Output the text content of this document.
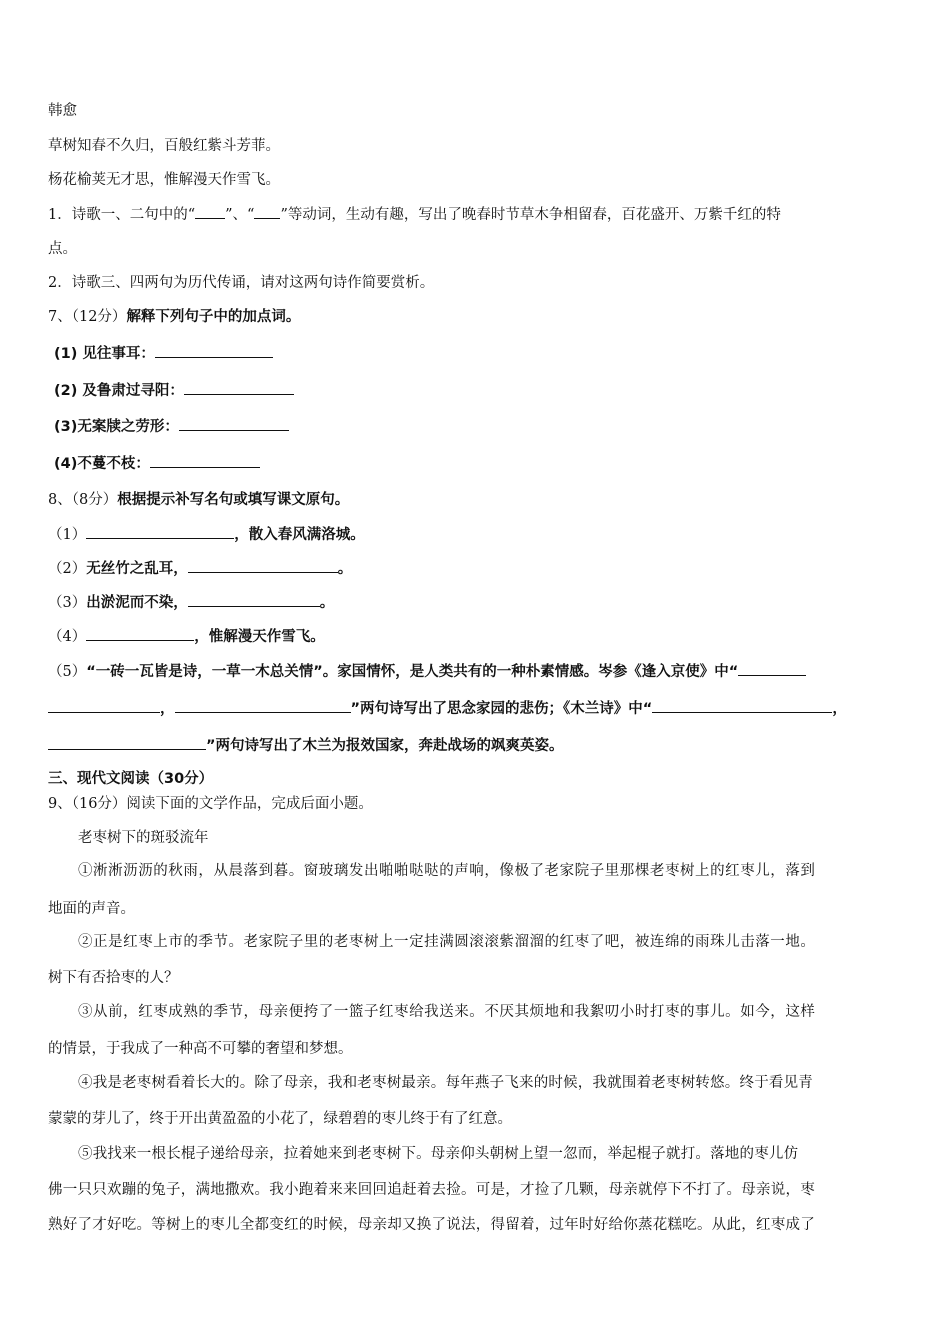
韩愈
草树知春不久归，百般红紫斗芳菲。
杨花榆荚无才思，惟解漫天作雪飞。
1．诗歌一、二句中的“ ”、“ ”等动词，生动有趣，写出了晚春时节草木争相留春，百花盛开、万紫千红的特
点。
2．诗歌三、四两句为历代传诵，请对这两句诗作简要赏析。
7、（12分）解释下列句子中的加点词。
(1) 见往事耳：
(2) 及鲁肃过寻阳：
(3)无案牍之劳形：
(4)不蔓不枝：
8、（8分）根据提示补写名句或填写课文原句。
（1）	，散入春风满洛城。
（2）无丝竹之乱耳，	。
（3）出淤泥而不染，	。
（4）	，惟解漫天作雪飞。
（5）“一砖一瓦皆是诗，一草一木总关情”。家国情怀，是人类共有的一种朴素情感。岑参《逢入京使》中“
，	”两句诗写出了思念家园的悲伤；《木兰诗》中“	，
”两句诗写出了木兰为报效国家，奔赴战场的飒爽英姿。
三、现代文阅读（30分）
9、（16分）阅读下面的文学作品，完成后面小题。
老枣树下的斑驳流年
①淅淅沥沥的秋雨，从晨落到暮。窗玻璃发出啪啪哒哒的声响，像极了老家院子里那棵老枣树上的红枣儿，落到
地面的声音。
②正是红枣上市的季节。老家院子里的老枣树上一定挂满圆滚滚紫溜溜的红枣了吧，被连绵的雨珠儿击落一地。
树下有否拾枣的人？
③从前，红枣成熟的季节，母亲便挎了一篮子红枣给我送来。不厌其烦地和我絮叨小时打枣的事儿。如今，这样
的情景，于我成了一种高不可攀的奢望和梦想。
④我是老枣树看着长大的。除了母亲，我和老枣树最亲。每年燕子飞来的时候，我就围着老枣树转悠。终于看见青
蒙蒙的芽儿了，终于开出黄盈盈的小花了，绿碧碧的枣儿终于有了红意。
⑤我找来一根长棍子递给母亲，拉着她来到老枣树下。母亲仰头朝树上望一忽而，举起棍子就打。落地的枣儿仿
佛一只只欢蹦的兔子，满地撒欢。我小跑着来来回回追赶着去捡。可是，才捡了几颗，母亲就停下不打了。母亲说，枣
熟好了才好吃。等树上的枣儿全都变红的时候，母亲却又换了说法，得留着，过年时好给你蒸花糕吃。从此，红枣成了
